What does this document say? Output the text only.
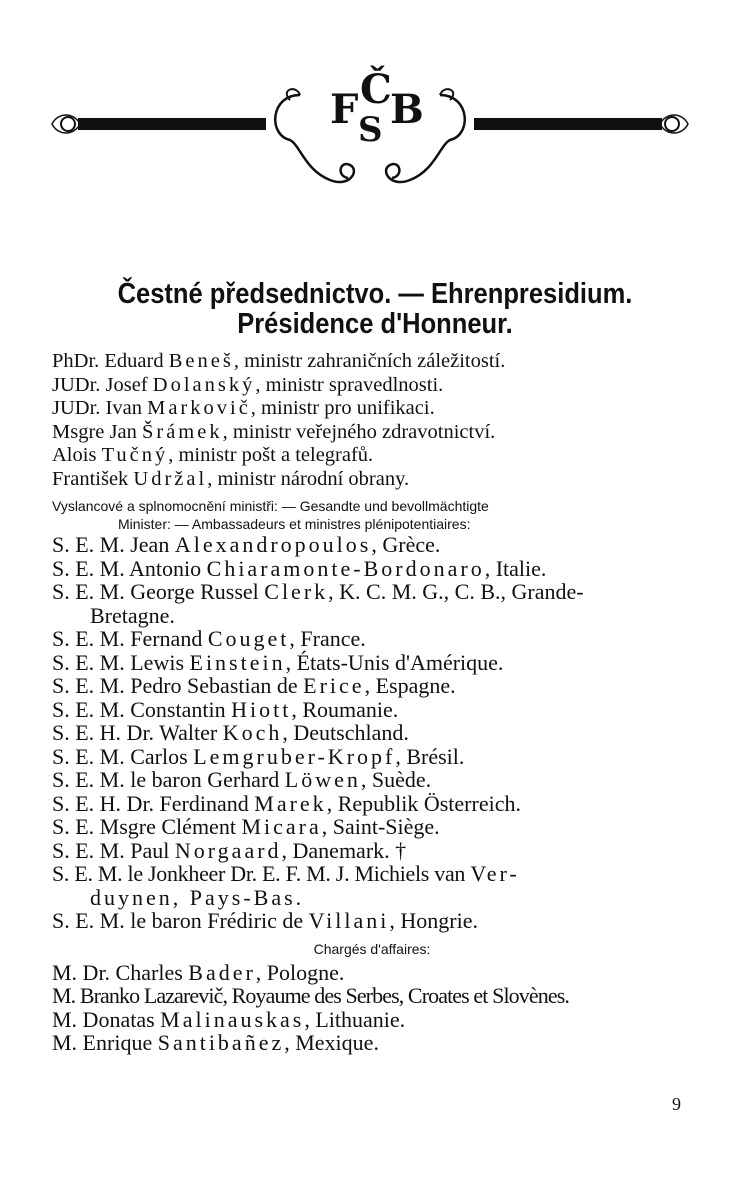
F Č
S B
Čestné předsednictvo. — Ehrenpresidium.
Présidence d'Honneur.
PhDr. Eduard Beneš, ministr zahraničních záležitostí.
JUDr. Josef Dolanský, ministr spravedlnosti.
JUDr. Ivan Markovič, ministr pro unifikaci.
Msgre Jan Šrámek, ministr veřejného zdravotnictví.
Alois Tučný, ministr pošt a telegrafů.
František Udržal, ministr národní obrany.
Vyslancové a splnomocnění ministři: — Gesandte und bevollmächtigte
Minister: — Ambassadeurs et ministres plénipotentiaires:
S. E. M. Jean Alexandropoulos, Grèce.
S. E. M. Antonio Chiaramonte-Bordonaro, Italie.
S. E. M. George Russel Clerk, K. C. M. G., C. B., Grande-
Bretagne.
S. E. M. Fernand Couget, France.
S. E. M. Lewis Einstein, États-Unis d'Amérique.
S. E. M. Pedro Sebastian de Erice, Espagne.
S. E. M. Constantin Hiott, Roumanie.
S. E. H. Dr. Walter Koch, Deutschland.
S. E. M. Carlos Lemgruber-Kropf, Brésil.
S. E. M. le baron Gerhard Löwen, Suède.
S. E. H. Dr. Ferdinand Marek, Republik Österreich.
S. E. Msgre Clément Micara, Saint-Siège.
S. E. M. Paul Norgaard, Danemark. †
S. E. M. le Jonkheer Dr. E. F. M. J. Michiels van Ver-
duynen, Pays-Bas.
S. E. M. le baron Frédiric de Villani, Hongrie.
Chargés d'affaires:
M. Dr. Charles Bader, Pologne.
M. Branko Lazarevič, Royaume des Serbes, Croates et Slovènes.
M. Donatas Malinauskas, Lithuanie.
M. Enrique Santibañez, Mexique.
9
